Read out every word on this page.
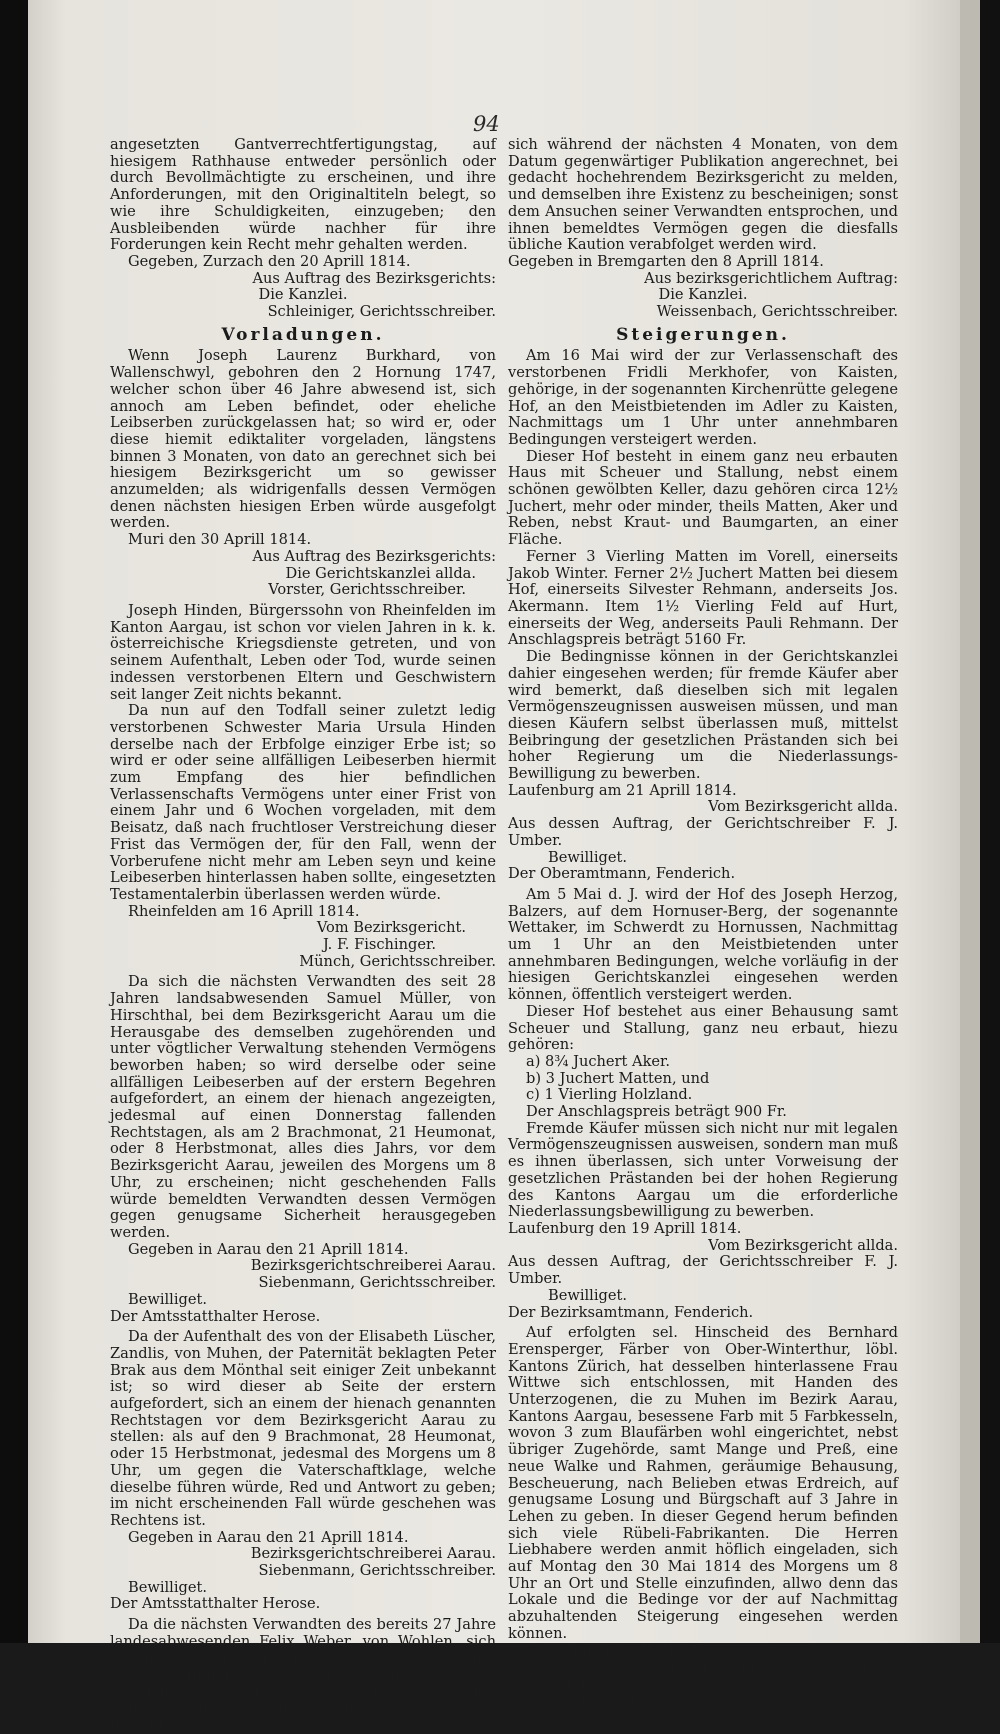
94

angesetzten Gantverrechtfertigungstag, auf hiesigem Rathhause entweder persönlich oder durch Bevollmächtigte zu erscheinen, und ihre Anforderungen, mit den Originaltiteln belegt, so wie ihre Schuldigkeiten, einzugeben; den Ausbleibenden würde nachher für ihre Forderungen kein Recht mehr gehalten werden.

Gegeben, Zurzach den 20 Aprill 1814.

Aus Auftrag des Bezirksgerichts:

Die Kanzlei.

Schleiniger, Gerichtsschreiber.

Vorladungen.

Wenn Joseph Laurenz Burkhard, von Wallenschwyl, gebohren den 2 Hornung 1747, welcher schon über 46 Jahre abwesend ist, sich annoch am Leben befindet, oder eheliche Leibserben zurückgelassen hat; so wird er, oder diese hiemit ediktaliter vorgeladen, längstens binnen 3 Monaten, von dato an gerechnet sich bei hiesigem Bezirksgericht um so gewisser anzumelden; als widrigenfalls dessen Vermögen denen nächsten hiesigen Erben würde ausgefolgt werden.

Muri den 30 Aprill 1814.

Aus Auftrag des Bezirksgerichts:

Die Gerichtskanzlei allda.

Vorster, Gerichtsschreiber.

Joseph Hinden, Bürgerssohn von Rheinfelden im Kanton Aargau, ist schon vor vielen Jahren in k. k. österreichische Kriegsdienste getreten, und von seinem Aufenthalt, Leben oder Tod, wurde seinen indessen verstorbenen Eltern und Geschwistern seit langer Zeit nichts bekannt.

Da nun auf den Todfall seiner zuletzt ledig verstorbenen Schwester Maria Ursula Hinden derselbe nach der Erbfolge einziger Erbe ist; so wird er oder seine allfälligen Leibeserben hiermit zum Empfang des hier befindlichen Verlassenschafts Vermögens unter einer Frist von einem Jahr und 6 Wochen vorgeladen, mit dem Beisatz, daß nach fruchtloser Verstreichung dieser Frist das Vermögen der, für den Fall, wenn der Vorberufene nicht mehr am Leben seyn und keine Leibeserben hinterlassen haben sollte, eingesetzten Testamentalerbin überlassen werden würde.

Rheinfelden am 16 Aprill 1814.

Vom Bezirksgericht.

J. F. Fischinger.

Münch, Gerichtsschreiber.

Da sich die nächsten Verwandten des seit 28 Jahren landsabwesenden Samuel Müller, von Hirschthal, bei dem Bezirksgericht Aarau um die Herausgabe des demselben zugehörenden und unter vögtlicher Verwaltung stehenden Vermögens beworben haben; so wird derselbe oder seine allfälligen Leibeserben auf der erstern Begehren aufgefordert, an einem der hienach angezeigten, jedesmal auf einen Donnerstag fallenden Rechtstagen, als am 2 Brachmonat, 21 Heumonat, oder 8 Herbstmonat, alles dies Jahrs, vor dem Bezirksgericht Aarau, jeweilen des Morgens um 8 Uhr, zu erscheinen; nicht geschehenden Falls würde bemeldten Verwandten dessen Vermögen gegen genugsame Sicherheit herausgegeben werden.

Gegeben in Aarau den 21 Aprill 1814.

Bezirksgerichtschreiberei Aarau.

Siebenmann, Gerichtsschreiber.

Bewilliget.

Der Amtsstatthalter Herose.

Da der Aufenthalt des von der Elisabeth Lüscher, Zandlis, von Muhen, der Paternität beklagten Peter Brak aus dem Mönthal seit einiger Zeit unbekannt ist; so wird dieser ab Seite der erstern aufgefordert, sich an einem der hienach genannten Rechtstagen vor dem Bezirksgericht Aarau zu stellen: als auf den 9 Brachmonat, 28 Heumonat, oder 15 Herbstmonat, jedesmal des Morgens um 8 Uhr, um gegen die Vaterschaftklage, welche dieselbe führen würde, Red und Antwort zu geben; im nicht erscheinenden Fall würde geschehen was Rechtens ist.

Gegeben in Aarau den 21 Aprill 1814.

Bezirksgerichtschreiberei Aarau.

Siebenmann, Gerichtsschreiber.

Bewilliget.

Der Amtsstatthalter Herose.

Da die nächsten Verwandten des bereits 27 Jahre landesabwesenden Felix Weber, von Wohlen, sich bei dem hochehrenden Bezirksgericht Bremgarten um die Verabfolgung seines hinter dem Waisenamt liegenden Vermögens beworben haben; so werden demnach dieser Felix Weber oder dessen rechtmäßige Deszendenten aufgefordert,

sich während der nächsten 4 Monaten, von dem Datum gegenwärtiger Publikation angerechnet, bei gedacht hochehrendem Bezirksgericht zu melden, und demselben ihre Existenz zu bescheinigen; sonst dem Ansuchen seiner Verwandten entsprochen, und ihnen bemeldtes Vermögen gegen die diesfalls übliche Kaution verabfolget werden wird.

Gegeben in Bremgarten den 8 Aprill 1814.

Aus bezirksgerichtlichem Auftrag:

Die Kanzlei.

Weissenbach, Gerichtsschreiber.

Steigerungen.

Am 16 Mai wird der zur Verlassenschaft des verstorbenen Fridli Merkhofer, von Kaisten, gehörige, in der sogenannten Kirchenrütte gelegene Hof, an den Meistbietenden im Adler zu Kaisten, Nachmittags um 1 Uhr unter annehmbaren Bedingungen versteigert werden.

Dieser Hof besteht in einem ganz neu erbauten Haus mit Scheuer und Stallung, nebst einem schönen gewölbten Keller, dazu gehören circa 12½ Juchert, mehr oder minder, theils Matten, Aker und Reben, nebst Kraut- und Baumgarten, an einer Fläche.

Ferner 3 Vierling Matten im Vorell, einerseits Jakob Winter. Ferner 2½ Juchert Matten bei diesem Hof, einerseits Silvester Rehmann, anderseits Jos. Akermann. Item 1½ Vierling Feld auf Hurt, einerseits der Weg, anderseits Pauli Rehmann. Der Anschlagspreis beträgt 5160 Fr.

Die Bedingnisse können in der Gerichtskanzlei dahier eingesehen werden; für fremde Käufer aber wird bemerkt, daß dieselben sich mit legalen Vermögenszeugnissen ausweisen müssen, und man diesen Käufern selbst überlassen muß, mittelst Beibringung der gesetzlichen Prästanden sich bei hoher Regierung um die Niederlassungs-Bewilligung zu bewerben.

Laufenburg am 21 Aprill 1814.

Vom Bezirksgericht allda.

Aus dessen Auftrag, der Gerichtschreiber F. J. Umber.

Bewilliget.

Der Oberamtmann, Fenderich.

Am 5 Mai d. J. wird der Hof des Joseph Herzog, Balzers, auf dem Hornuser-Berg, der sogenannte Wettaker, im Schwerdt zu Hornussen, Nachmittag um 1 Uhr an den Meistbietenden unter annehmbaren Bedingungen, welche vorläufig in der hiesigen Gerichtskanzlei eingesehen werden können, öffentlich versteigert werden.

Dieser Hof bestehet aus einer Behausung samt Scheuer und Stallung, ganz neu erbaut, hiezu gehören:

a) 8¾ Juchert Aker.

b) 3 Juchert Matten, und

c) 1 Vierling Holzland.

Der Anschlagspreis beträgt 900 Fr.

Fremde Käufer müssen sich nicht nur mit legalen Vermögenszeugnissen ausweisen, sondern man muß es ihnen überlassen, sich unter Vorweisung der gesetzlichen Prästanden bei der hohen Regierung des Kantons Aargau um die erforderliche Niederlassungsbewilligung zu bewerben.

Laufenburg den 19 Aprill 1814.

Vom Bezirksgericht allda.

Aus dessen Auftrag, der Gerichtsschreiber F. J. Umber.

Bewilliget.

Der Bezirksamtmann, Fenderich.

Auf erfolgten sel. Hinscheid des Bernhard Erensperger, Färber von Ober-Winterthur, löbl. Kantons Zürich, hat desselben hinterlassene Frau Wittwe sich entschlossen, mit Handen des Unterzogenen, die zu Muhen im Bezirk Aarau, Kantons Aargau, besessene Farb mit 5 Farbkesseln, wovon 3 zum Blaufärben wohl eingerichtet, nebst übriger Zugehörde, samt Mange und Preß, eine neue Walke und Rahmen, geräumige Behausung, Bescheuerung, nach Belieben etwas Erdreich, auf genugsame Losung und Bürgschaft auf 3 Jahre in Lehen zu geben. In dieser Gegend herum befinden sich viele Rübeli-Fabrikanten. Die Herren Liebhabere werden anmit höflich eingeladen, sich auf Montag den 30 Mai 1814 des Morgens um 8 Uhr an Ort und Stelle einzufinden, allwo denn das Lokale und die Bedinge vor der auf Nachmittag abzuhaltenden Steigerung eingesehen werden können.

Muhen den 26 Aprill 1814.

Joh. Ulrich Lüscher, Schullehrer.

Bewilliget.

Herose, Amtsstatthalter.
